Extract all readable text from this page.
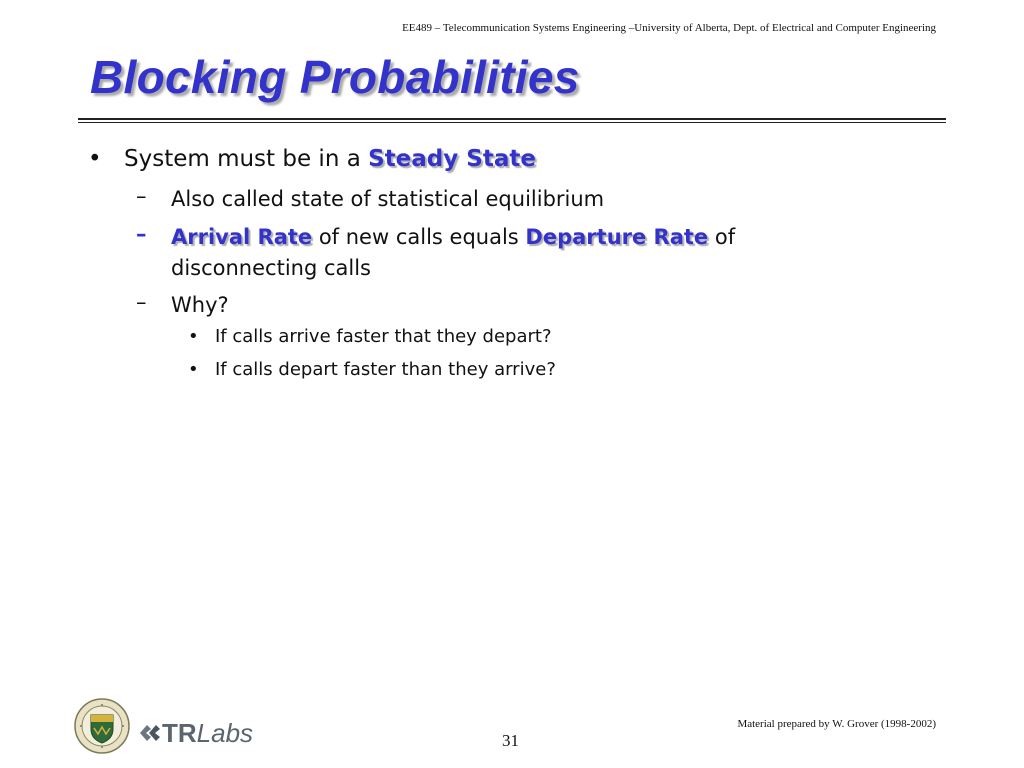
EE489 – Telecommunication Systems Engineering –University of Alberta, Dept. of Electrical and Computer Engineering
Blocking Probabilities
• System must be in a Steady State
– Also called state of statistical equilibrium
– Arrival Rate of new calls equals Departure Rate of disconnecting calls
– Why?
• If calls arrive faster that they depart?
• If calls depart faster than they arrive?
TRLabs	Material prepared by W. Grover (1998-2002)
31
